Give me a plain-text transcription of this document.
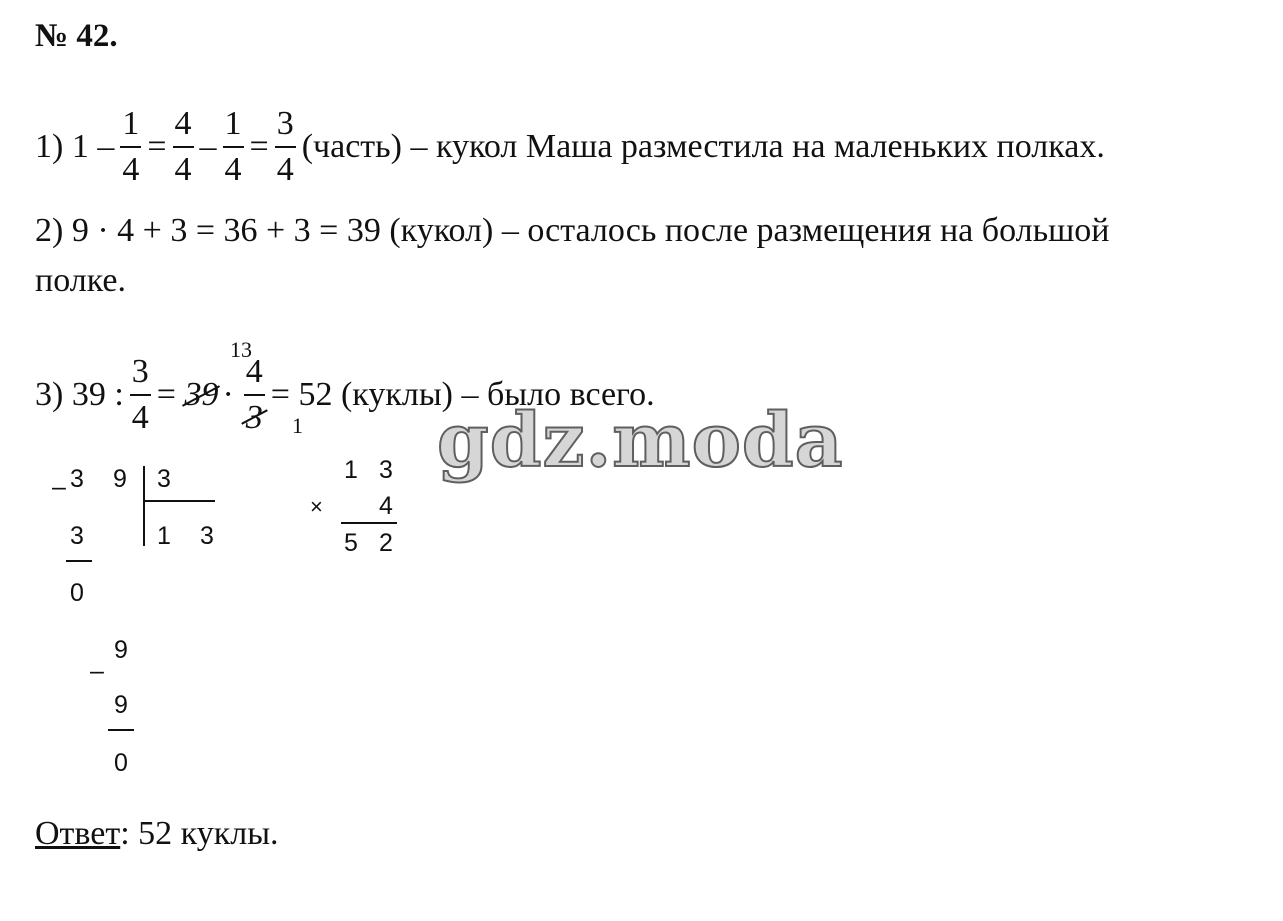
№ 42.
1)
1
– $\frac{1}{4} = \frac{4}{4} - \frac{1}{4} = \frac{3}{4}$ (часть) – кукол Маша разместила на маленьких полках.
2) 9 · 4 + 3 = 36 + 3 = 39 (кукол) – осталось после размещения на большой
полке.
3) 39 : $\frac{3}{4}$ =
$39 \cdot \frac{4}{3} = 52$ (куклы) – было всего.
13
1
– 3 9 3
1 3
3
0
–
9
9
0
1 3
× 4
5 2
Ответ: 52 куклы.
gdz.moda
